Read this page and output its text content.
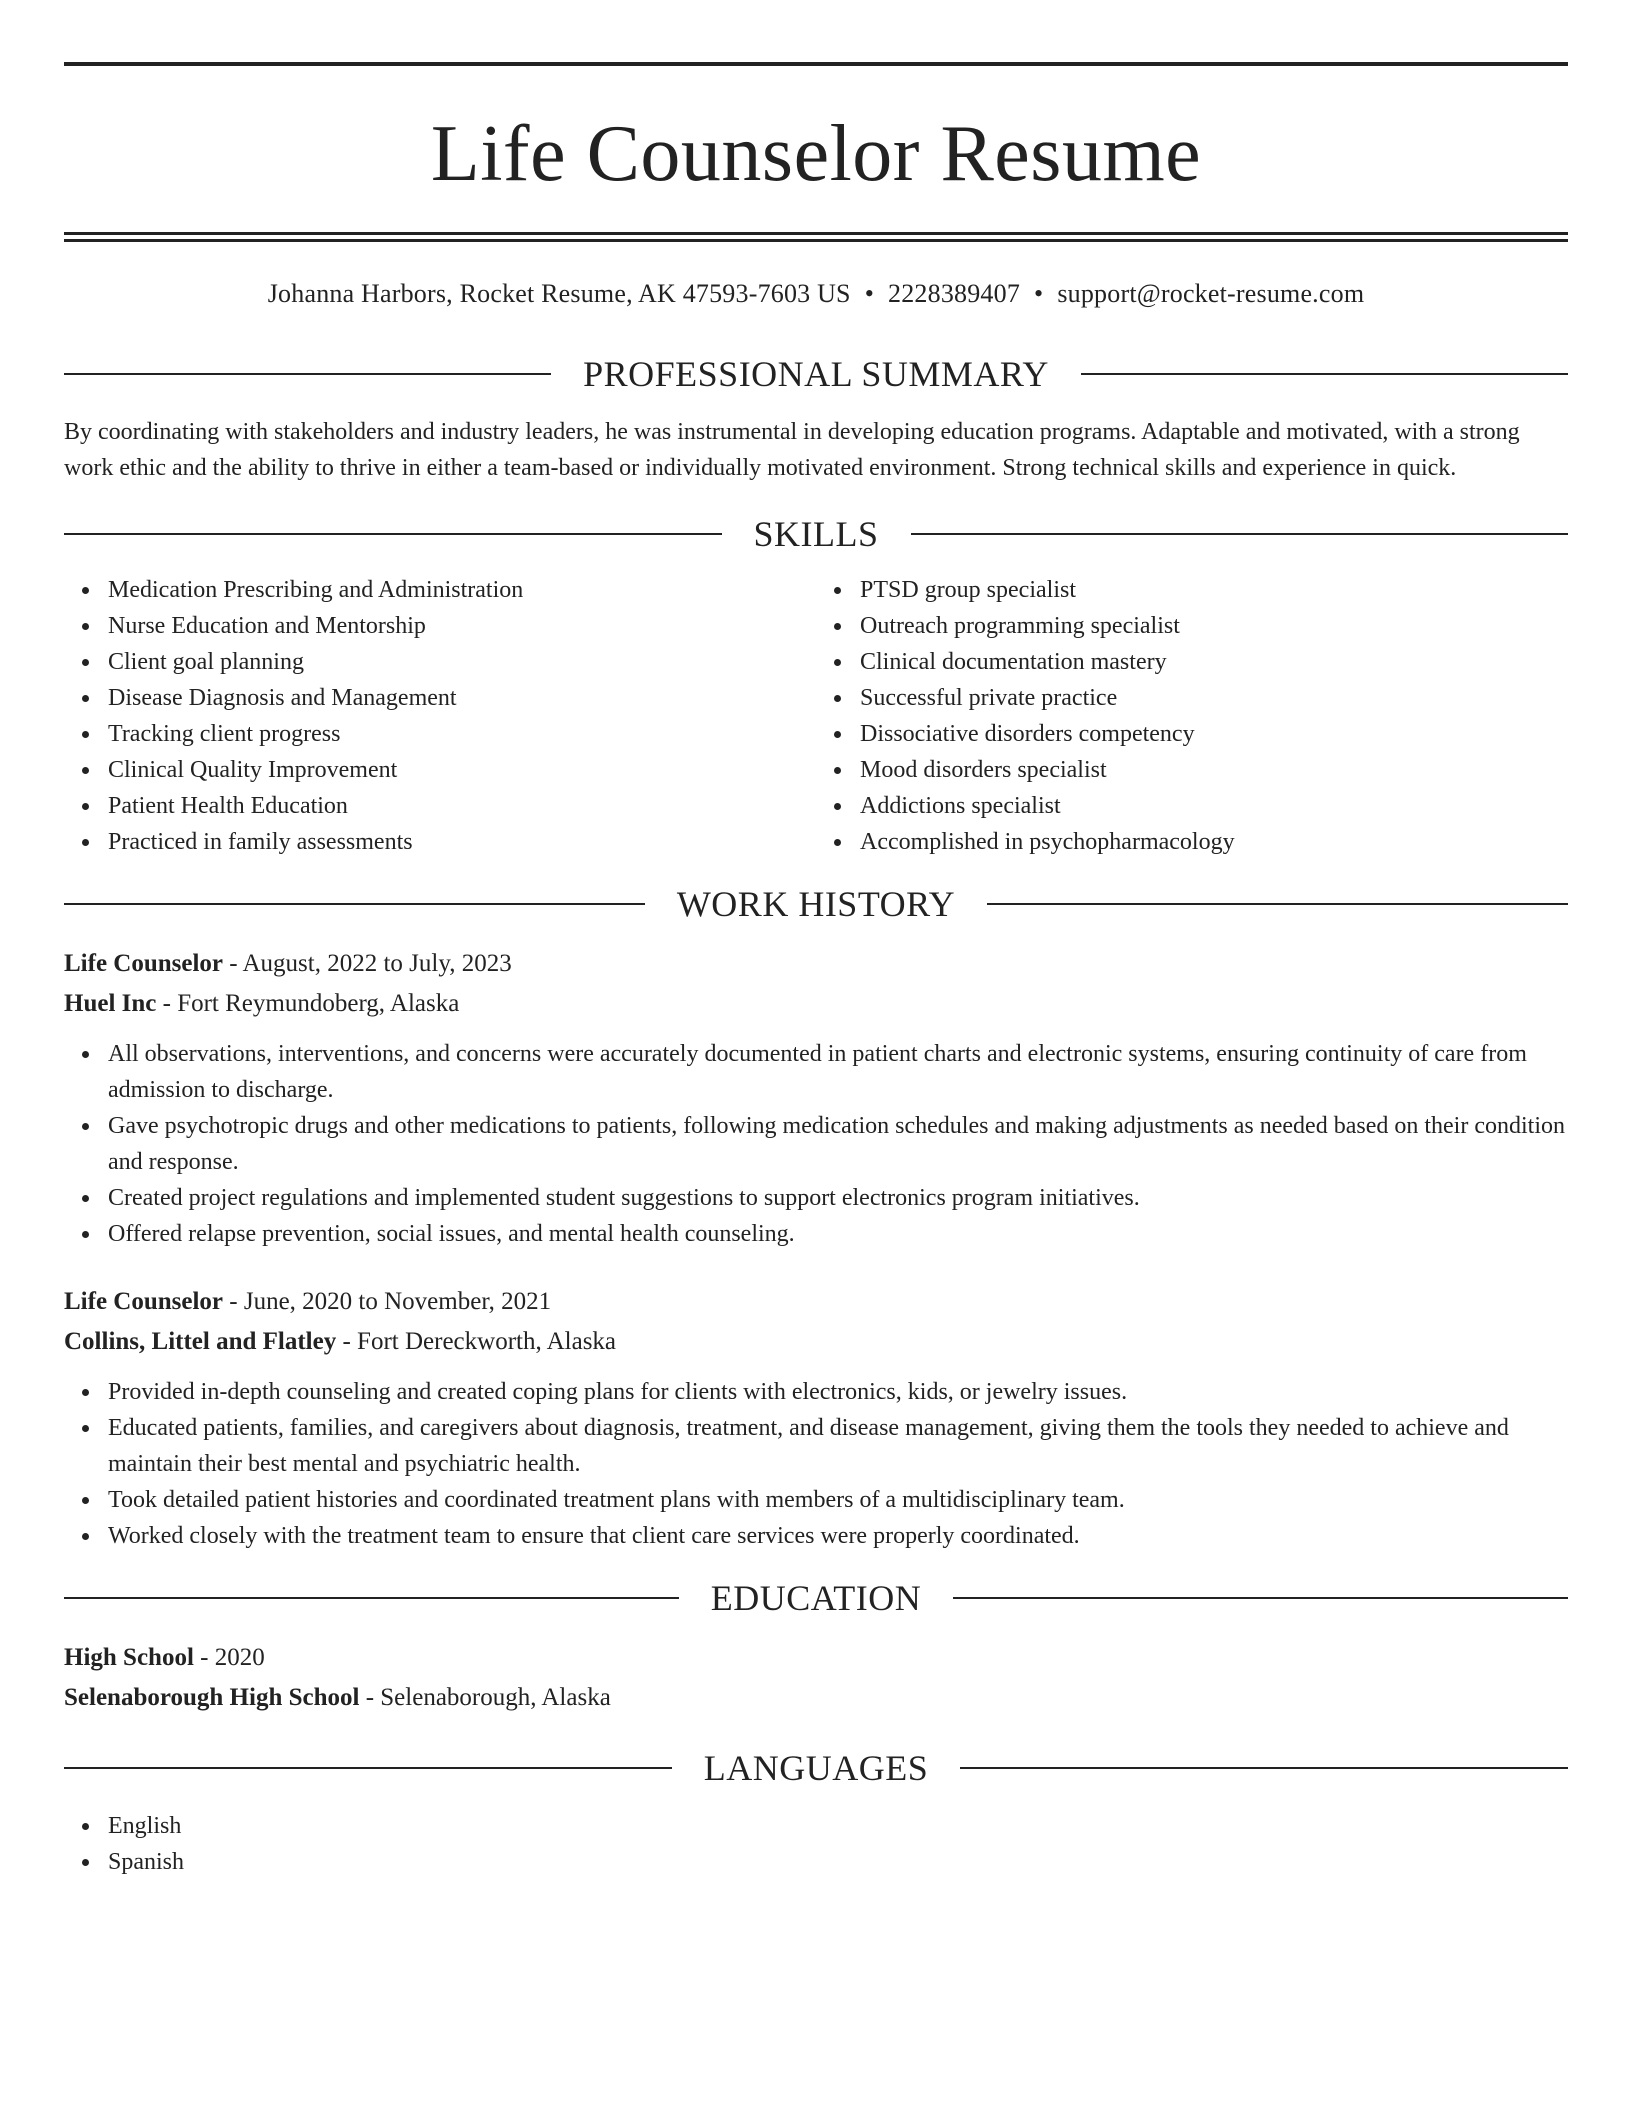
Life Counselor Resume
Johanna Harbors, Rocket Resume, AK 47593-7603 US • 2228389407 • support@rocket-resume.com
PROFESSIONAL SUMMARY

By coordinating with stakeholders and industry leaders, he was instrumental in developing education programs. Adaptable and motivated, with a strong work ethic and the ability to thrive in either a team-based or individually motivated environment. Strong technical skills and experience in quick.

SKILLS
Medication Prescribing and Administration
Nurse Education and Mentorship
Client goal planning
Disease Diagnosis and Management
Tracking client progress
Clinical Quality Improvement
Patient Health Education
Practiced in family assessments
PTSD group specialist
Outreach programming specialist
Clinical documentation mastery
Successful private practice
Dissociative disorders competency
Mood disorders specialist
Addictions specialist
Accomplished in psychopharmacology
WORK HISTORY

Life Counselor - August, 2022 to July, 2023

Huel Inc - Fort Reymundoberg, Alaska

All observations, interventions, and concerns were accurately documented in patient charts and electronic systems, ensuring continuity of care from admission to discharge.
Gave psychotropic drugs and other medications to patients, following medication schedules and making adjustments as needed based on their condition and response.
Created project regulations and implemented student suggestions to support electronics program initiatives.
Offered relapse prevention, social issues, and mental health counseling.

Life Counselor - June, 2020 to November, 2021

Collins, Littel and Flatley - Fort Dereckworth, Alaska

Provided in-depth counseling and created coping plans for clients with electronics, kids, or jewelry issues.
Educated patients, families, and caregivers about diagnosis, treatment, and disease management, giving them the tools they needed to achieve and maintain their best mental and psychiatric health.
Took detailed patient histories and coordinated treatment plans with members of a multidisciplinary team.
Worked closely with the treatment team to ensure that client care services were properly coordinated.
EDUCATION

High School - 2020

Selenaborough High School - Selenaborough, Alaska

LANGUAGES
English
Spanish
